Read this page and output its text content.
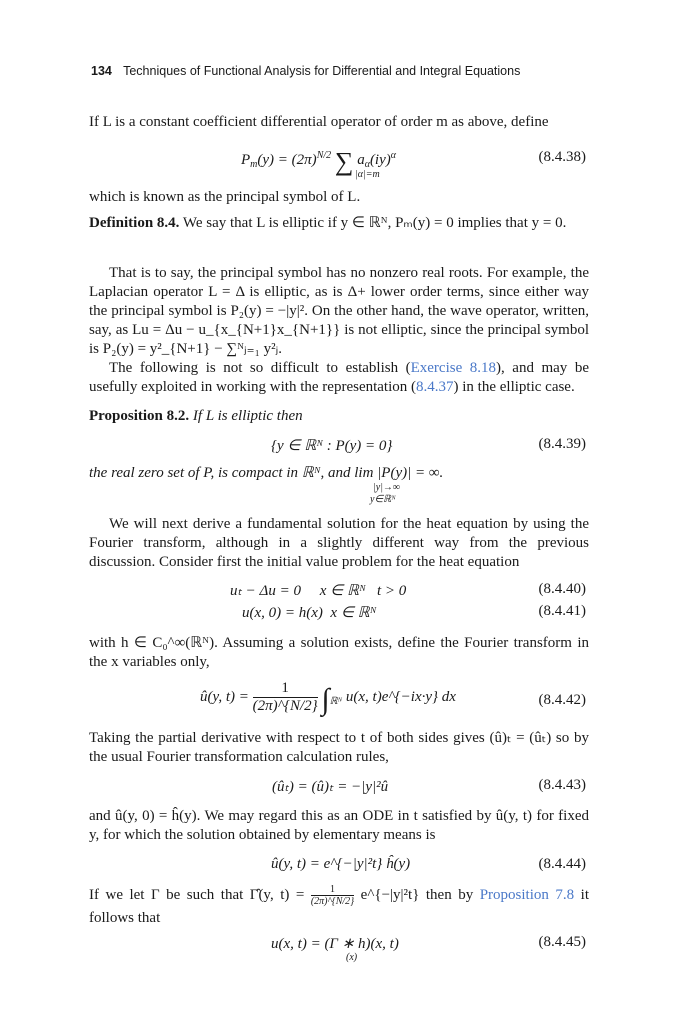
134 Techniques of Functional Analysis for Differential and Integral Equations
If L is a constant coefficient differential operator of order m as above, define
$P_m(y) = (2\pi)^{N/2}$ ∑ $a_\alpha(iy)^\alpha$
|α|=m
(8.4.38)
which is known as the principal symbol of L.
Definition 8.4. We say that L is elliptic if y ∈ ℝᴺ, Pₘ(y) = 0 implies that y = 0.
That is to say, the principal symbol has no nonzero real roots. For example, the Laplacian operator L = Δ is elliptic, as is Δ+ lower order terms, since either way the principal symbol is P₂(y) = −|y|². On the other hand, the wave operator, written, say, as Lu = Δu − u_{x_{N+1}x_{N+1}} is not elliptic, since the principal symbol is P₂(y) = y²_{N+1} − ∑ᴺⱼ₌₁ y²ⱼ.
The following is not so difficult to establish (Exercise 8.18), and may be usefully exploited in working with the representation (8.4.37) in the elliptic case.
Proposition 8.2. If L is elliptic then
{y ∈ ℝᴺ : P(y) = 0}	(8.4.39)
the real zero set of P, is compact in ℝᴺ, and lim |P(y)| = ∞.
|y|→∞
y∈ℝᴺ
We will next derive a fundamental solution for the heat equation by using the Fourier transform, although in a slightly different way from the previous discussion. Consider first the initial value problem for the heat equation
uₜ − Δu = 0 x ∈ ℝᴺ t > 0	(8.4.40)
u(x, 0) = h(x) x ∈ ℝᴺ	(8.4.41)
with h ∈ C₀^∞(ℝᴺ). Assuming a solution exists, define the Fourier transform in the x variables only,
û(y, $t) = \frac{1}{(2\pi)\^{}\{N/2\}} \int_{ℝᴺ}$ u(x, t)e^{−ix·y} dx	(8.4.42)
Taking the partial derivative with respect to t of both sides gives (û)ₜ = (ûₜ) so by the usual Fourier transformation calculation rules,
(ûₜ) = (û)ₜ = −|y|²û	(8.4.43)
and û(y, 0) = ĥ(y). We may regard this as an ODE in t satisfied by û(y, t) for fixed y, for which the solution obtained by elementary means is
û(y, t) = e^{−|y|²t} ĥ(y)	(8.4.44)
If we let Γ be such that Γ̂(y, $t) = \frac{1}{(2\pi)\^{}\{N/2\}}$ e^{−|y|²t} then by Proposition 7.8 it follows that
u(x, t) = (Γ ∗ h)(x, t)
(x)
(8.4.45)
